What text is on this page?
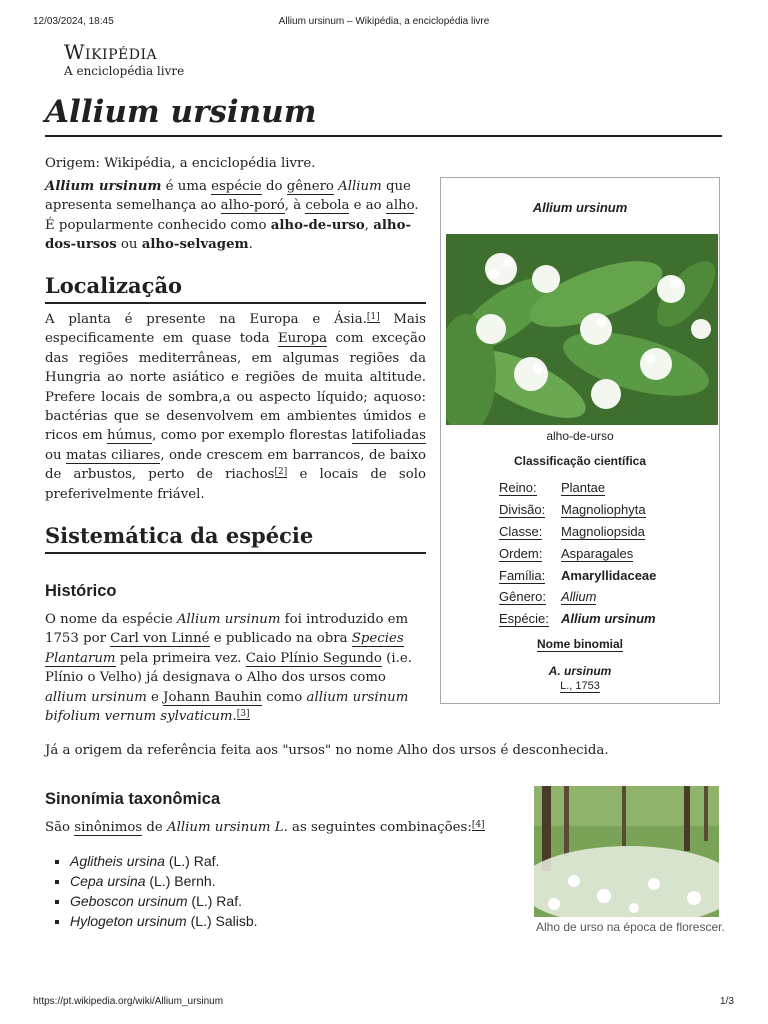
12/03/2024, 18:45	Allium ursinum – Wikipédia, a enciclopédia livre
Wikipédia
A enciclopédia livre
Allium ursinum

Origem: Wikipédia, a enciclopédia livre.

Allium ursinum é uma espécie do gênero Allium que apresenta semelhança ao alho-poró, à cebola e ao alho. É popularmente conhecido como alho-de-urso, alho-dos-ursos ou alho-selvagem.

Localização

A planta é presente na Europa e Ásia.[1] Mais especificamente em quase toda Europa com exceção das regiões mediterrâneas, em algumas regiões da Hungria ao norte asiático e regiões de muita altitude. Prefere locais de sombra,a ou aspecto líquido; aquoso: bactérias que se desenvolvem em ambientes úmidos e ricos em húmus, como por exemplo florestas latifoliadas ou matas ciliares, onde crescem em barrancos, de baixo de arbustos, perto de riachos[2] e locais de solo preferivelmente friável.

Sistemática da espécie
Histórico

O nome da espécie Allium ursinum foi introduzido em 1753 por Carl von Linné e publicado na obra Species Plantarum pela primeira vez. Caio Plínio Segundo (i.e. Plínio o Velho) já designava o Alho dos ursos como allium ursinum e Johann Bauhin como allium ursinum bifolium vernum sylvaticum.[3]

Já a origem da referência feita aos "ursos" no nome Alho dos ursos é desconhecida.

Sinonímia taxonômica

São sinônimos de Allium ursinum L. as seguintes combinações:[4]

▪ Aglitheis ursina (L.) Raf.
▪ Cepa ursina (L.) Bernh.
▪ Geboscon ursinum (L.) Raf.
▪ Hylogeton ursinum (L.) Salisb.	Alho de urso na época de florescer.
Allium ursinum
alho-de-urso
Classificação científica
Reino: Plantae
Divisão: Magnoliophyta
Classe: Magnoliopsida
Ordem: Asparagales
Família: Amaryllidaceae
Gênero: Allium
Espécie: Allium ursinum
Nome binomial
A. ursinum
L., 1753
https://pt.wikipedia.org/wiki/Allium_ursinum	1/3
